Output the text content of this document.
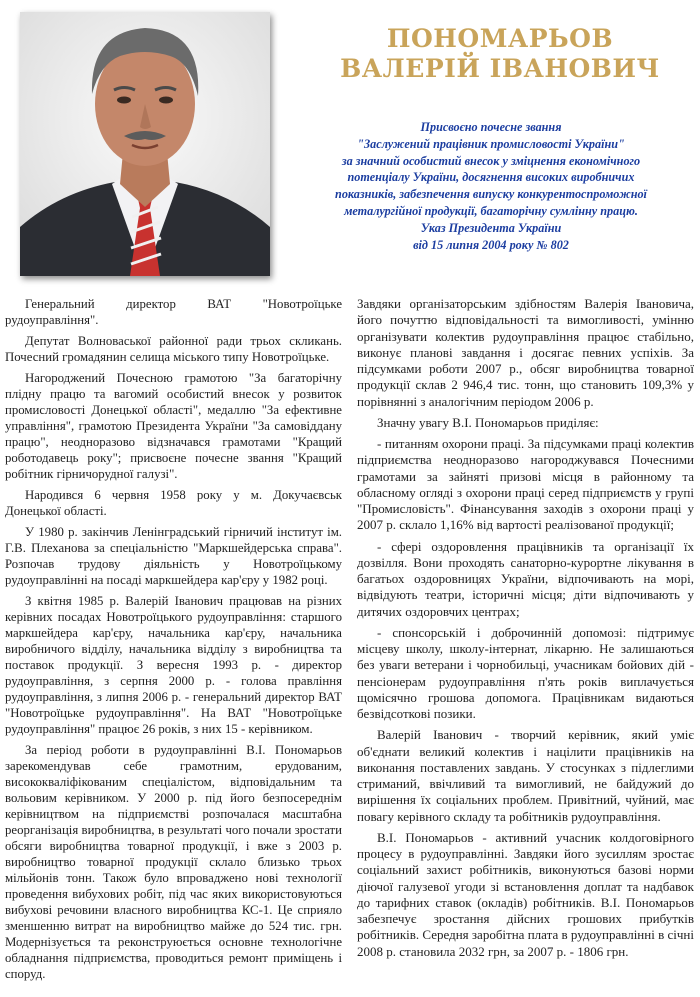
ПОНОМАРЬОВ
ВАЛЕРІЙ ІВАНОВИЧ
Присвоєно почесне звання
"Заслужений працівник промисловості України"
за значний особистий внесок у зміцнення економічного
потенціалу України, досягнення високих виробничих
показників, забезпечення випуску конкурентоспроможної
металургійної продукції, багаторічну сумлінну працю.
Указ Президента України
від 15 липня 2004 року № 802

Генеральний директор ВАТ "Новотроїцьке рудоуправління".

Депутат Волноваської районної ради трьох скликань. Почесний громадянин селища міського типу Новотроїцьке.

Нагороджений Почесною грамотою "За багаторічну плідну працю та вагомий особистий внесок у розвиток промисловості Донецької області", медаллю "За ефективне управління", грамотою Президента України "За самовіддану працю", неодноразово відзначався грамотами "Кращий роботодавець року"; присвоєне почесне звання "Кращий робітник гірничорудної галузі".

Народився 6 червня 1958 року у м. Докучаєвськ Донецької області.

У 1980 р. закінчив Ленінградський гірничий інститут ім. Г.В. Плеханова за спеціальністю "Маркшейдерська справа". Розпочав трудову діяльність у Новотроїцькому рудоуправлінні на посаді маркшейдера кар'єру у 1982 році.

З квітня 1985 р. Валерій Іванович працював на різних керівних посадах Новотроїцького рудоуправління: старшого маркшейдера кар'єру, начальника кар'єру, начальника виробничого відділу, начальника відділу з виробництва та поставок продукції. З вересня 1993 р. - директор рудоуправління, з серпня 2000 р. - голова правління рудоуправління, з липня 2006 р. - генеральний директор ВАТ "Новотроїцьке рудоуправління". На ВАТ "Новотроїцьке рудоуправління" працює 26 років, з них 15 - керівником.

За період роботи в рудоуправлінні В.І. Пономарьов зарекомендував себе грамотним, ерудованим, висококваліфікованим спеціалістом, відповідальним та вольовим керівником. У 2000 р. під його безпосереднім керівництвом на підприємстві розпочалася масштабна реорганізація виробництва, в результаті чого почали зростати обсяги виробництва товарної продукції, і вже з 2003 р. виробництво товарної продукції склало близько трьох мільйонів тонн. Також було впроваджено нові технології проведення вибухових робіт, під час яких використовуються вибухові речовини власного виробництва КС-1. Це сприяло зменшенню витрат на виробництво майже до 524 тис. грн. Модернізується та реконструюється основне технологічне обладнання підприємства, проводиться ремонт приміщень і споруд.

Завдяки організаторським здібностям Валерія Івановича, його почуттю відповідальності та вимогливості, умінню організувати колектив рудоуправління працює стабільно, виконує планові завдання і досягає певних успіхів. За підсумками роботи 2007 р., обсяг виробництва товарної продукції склав 2 946,4 тис. тонн, що становить 109,3% у порівнянні з аналогічним періодом 2006 р.

Значну увагу В.І. Пономарьов приділяє:

- питанням охорони праці. За підсумками праці колектив підприємства неодноразово нагороджувався Почесними грамотами за зайняті призові місця в районному та обласному огляді з охорони праці серед підприємств у групі "Промисловість". Фінансування заходів з охорони праці у 2007 р. склало 1,16% від вартості реалізованої продукції;

- сфері оздоровлення працівників та організації їх дозвілля. Вони проходять санаторно-курортне лікування в багатьох оздоровницях України, відпочивають на морі, відвідують театри, історичні місця; діти відпочивають у дитячих оздоровчих центрах;

- спонсорській і доброчинній допомозі: підтримує місцеву школу, школу-інтернат, лікарню. Не залишаються без уваги ветерани і чорнобильці, учасникам бойових дій - пенсіонерам рудоуправління п'ять років виплачується щомісячно грошова допомога. Працівникам видаються безвідсоткові позики.

Валерій Іванович - творчий керівник, який уміє об'єднати великий колектив і націлити працівників на виконання поставлених завдань. У стосунках з підлеглими стриманий, ввічливий та вимогливий, не байдужий до вирішення їх соціальних проблем. Привітний, чуйний, має повагу керівного складу та робітників рудоуправління.

В.І. Пономарьов - активний учасник колдоговірного процесу в рудоуправлінні. Завдяки його зусиллям зростає соціальний захист робітників, виконуються базові норми діючої галузевої угоди зі встановлення доплат та надбавок до тарифних ставок (окладів) робітників. В.І. Пономарьов забезпечує зростання дійсних грошових прибутків робітників. Середня заробітна плата в рудоуправлінні в січні 2008 р. становила 2032 грн, за 2007 р. - 1806 грн.
